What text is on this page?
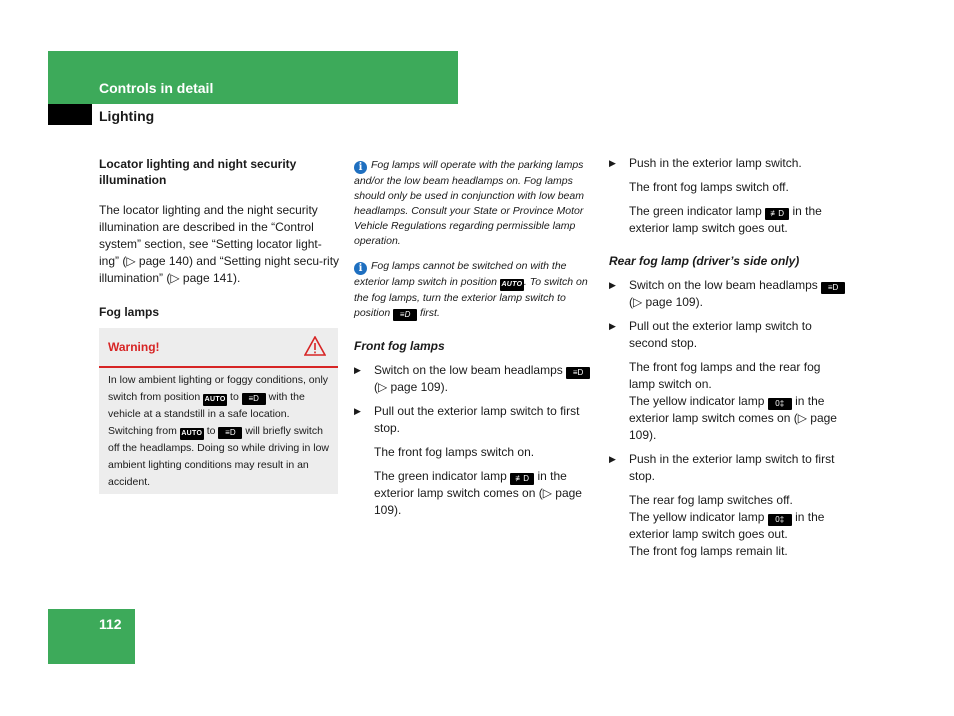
Controls in detail
Lighting

Locator lighting and night security illumination

The locator lighting and the night security illumination are described in the “Control system” section, see “Setting locator light-ing” (▷ page 140) and “Setting night secu-rity illumination” (▷ page 141).

Fog lamps

Warning!
In low ambient lighting or foggy conditions, only switch from position AUTO to ≡D with the vehicle at a standstill in a safe location. Switching from AUTO to ≡D will briefly switch off the headlamps. Doing so while driving in low ambient lighting conditions may result in an accident.

i Fog lamps will operate with the parking lamps and/or the low beam headlamps on. Fog lamps should only be used in conjunction with low beam headlamps. Consult your State or Province Motor Vehicle Regulations regarding permissible lamp operation.

i Fog lamps cannot be switched on with the exterior lamp switch in position AUTO . To switch on the fog lamps, turn the exterior lamp switch to position ≡D first.

Front fog lamps

▶ Switch on the low beam headlamps ≡D (▷ page 109).

▶ Pull out the exterior lamp switch to first stop.

The front fog lamps switch on.

The green indicator lamp ≢D in the exterior lamp switch comes on (▷ page 109).

▶ Push in the exterior lamp switch.

The front fog lamps switch off.

The green indicator lamp ≢D in the exterior lamp switch goes out.

Rear fog lamp (driver’s side only)

▶ Switch on the low beam headlamps ≡D (▷ page 109).

▶ Pull out the exterior lamp switch to second stop.

The front fog lamps and the rear fog lamp switch on.

The yellow indicator lamp 0‡ in the exterior lamp switch comes on (▷ page 109).

▶ Push in the exterior lamp switch to first stop.

The rear fog lamp switches off.

The yellow indicator lamp 0‡ in the exterior lamp switch goes out.

The front fog lamps remain lit.

112
